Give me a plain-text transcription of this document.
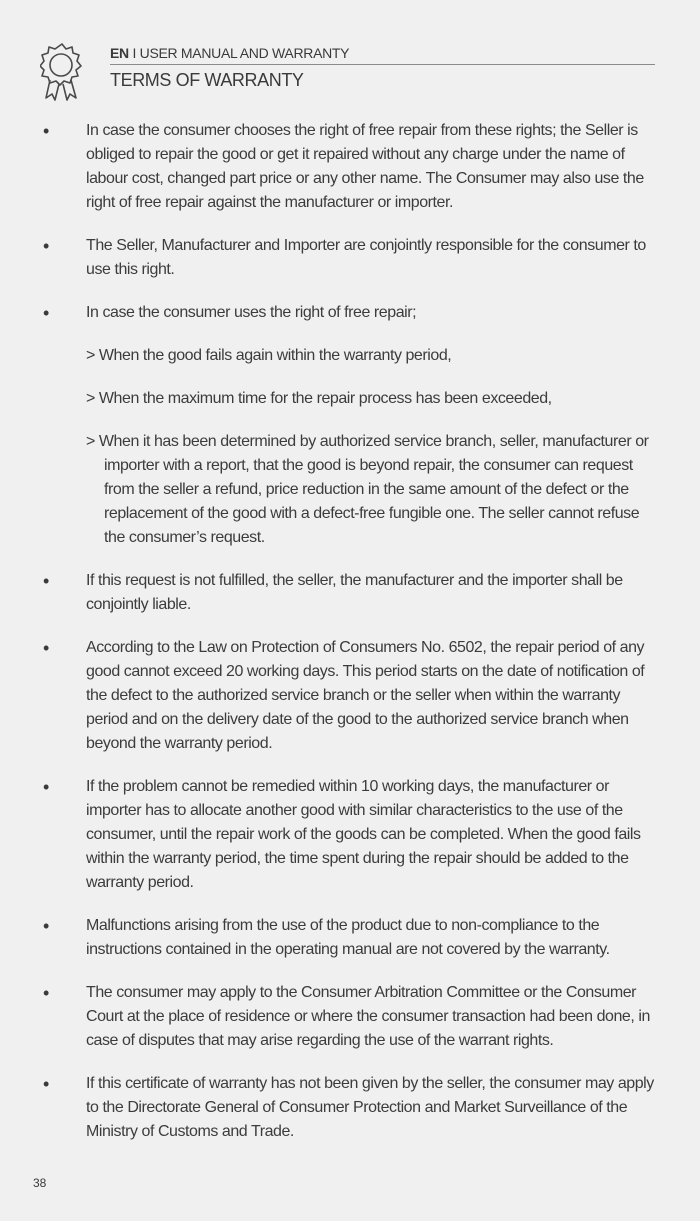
EN I USER MANUAL AND WARRANTY
TERMS OF WARRANTY
• In case the consumer chooses the right of free repair from these rights; the Seller is obliged to repair the good or get it repaired without any charge under the name of labour cost, changed part price or any other name. The Consumer may also use the right of free repair against the manufacturer or importer.
• The Seller, Manufacturer and Importer are conjointly responsible for the consumer to use this right.
• In case the consumer uses the right of free repair;
> When the good fails again within the warranty period,
> When the maximum time for the repair process has been exceeded,
> When it has been determined by authorized service branch, seller, manufacturer or importer with a report, that the good is beyond repair, the consumer can request from the seller a refund, price reduction in the same amount of the defect or the replacement of the good with a defect-free fungible one. The seller cannot refuse the consumer’s request.
• If this request is not fulfilled, the seller, the manufacturer and the importer shall be conjointly liable.
• According to the Law on Protection of Consumers No. 6502, the repair period of any good cannot exceed 20 working days. This period starts on the date of notification of the defect to the authorized service branch or the seller when within the warranty period and on the delivery date of the good to the authorized service branch when beyond the warranty period.
• If the problem cannot be remedied within 10 working days, the manufacturer or importer has to allocate another good with similar characteristics to the use of the consumer, until the repair work of the goods can be completed. When the good fails within the warranty period, the time spent during the repair should be added to the warranty period.
• Malfunctions arising from the use of the product due to non-compliance to the instructions contained in the operating manual are not covered by the warranty.
• The consumer may apply to the Consumer Arbitration Committee or the Consumer Court at the place of residence or where the consumer transaction had been done, in case of disputes that may arise regarding the use of the warrant rights.
• If this certificate of warranty has not been given by the seller, the consumer may apply to the Directorate General of Consumer Protection and Market Surveillance of the Ministry of Customs and Trade.
38
